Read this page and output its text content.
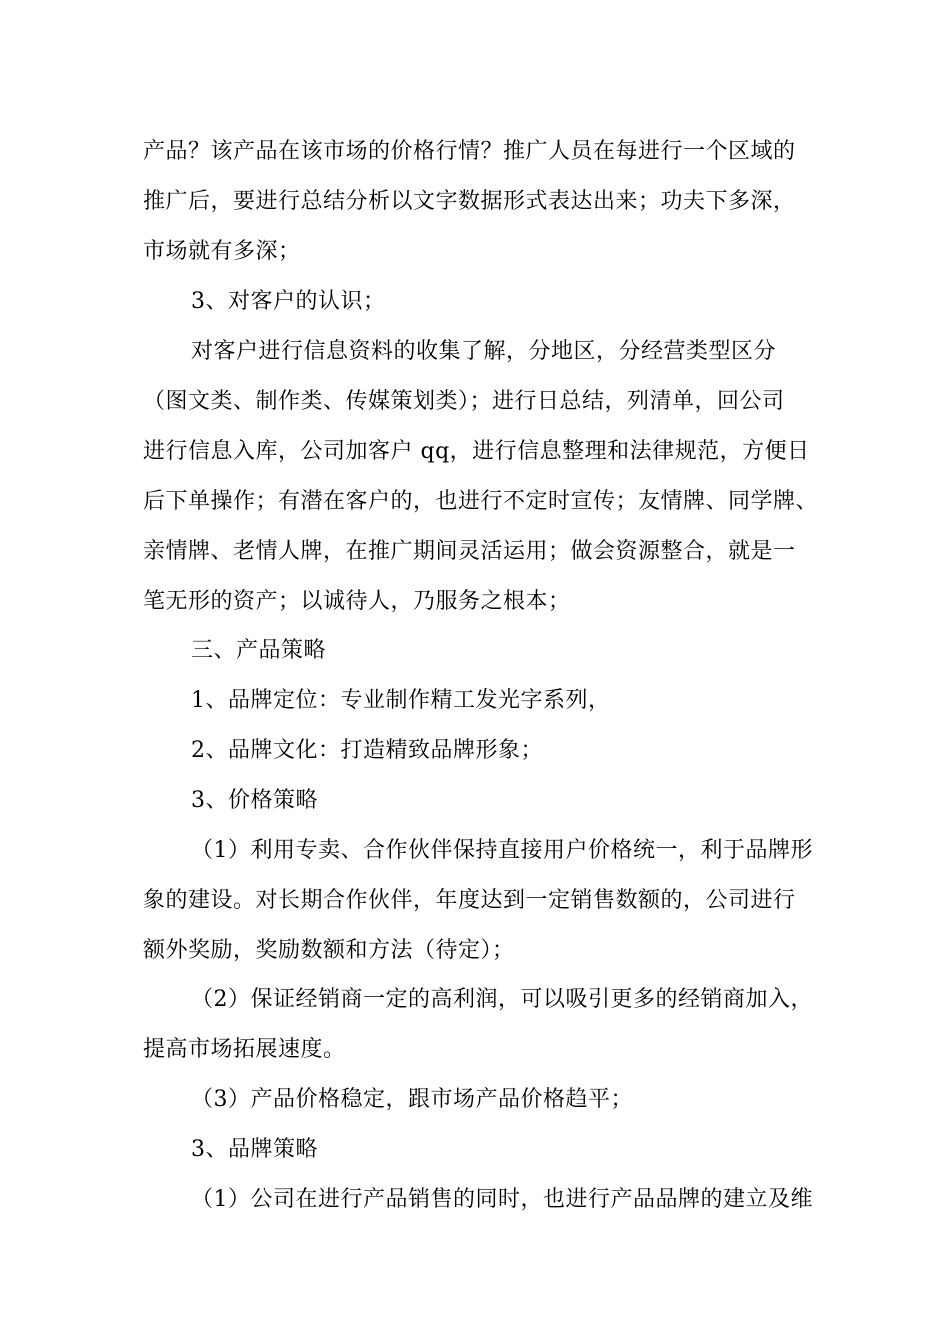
产品？该产品在该市场的价格行情？推广人员在每进行一个区域的
推广后，要进行总结分析以文字数据形式表达出来；功夫下多深，
市场就有多深；
3、对客户的认识；
对客户进行信息资料的收集了解，分地区，分经营类型区分
（图文类、制作类、传媒策划类）；进行日总结，列清单，回公司
进行信息入库，公司加客户 qq，进行信息整理和法律规范，方便日
后下单操作；有潜在客户的，也进行不定时宣传；友情牌、同学牌、
亲情牌、老情人牌，在推广期间灵活运用；做会资源整合，就是一
笔无形的资产；以诚待人，乃服务之根本；
三、产品策略
1、品牌定位：专业制作精工发光字系列，
2、品牌文化：打造精致品牌形象；
3、价格策略
（1）利用专卖、合作伙伴保持直接用户价格统一，利于品牌形
象的建设。对长期合作伙伴，年度达到一定销售数额的，公司进行
额外奖励，奖励数额和方法（待定）；
（2）保证经销商一定的高利润，可以吸引更多的经销商加入，
提高市场拓展速度。
（3）产品价格稳定，跟市场产品价格趋平；
3、品牌策略
（1）公司在进行产品销售的同时，也进行产品品牌的建立及维
